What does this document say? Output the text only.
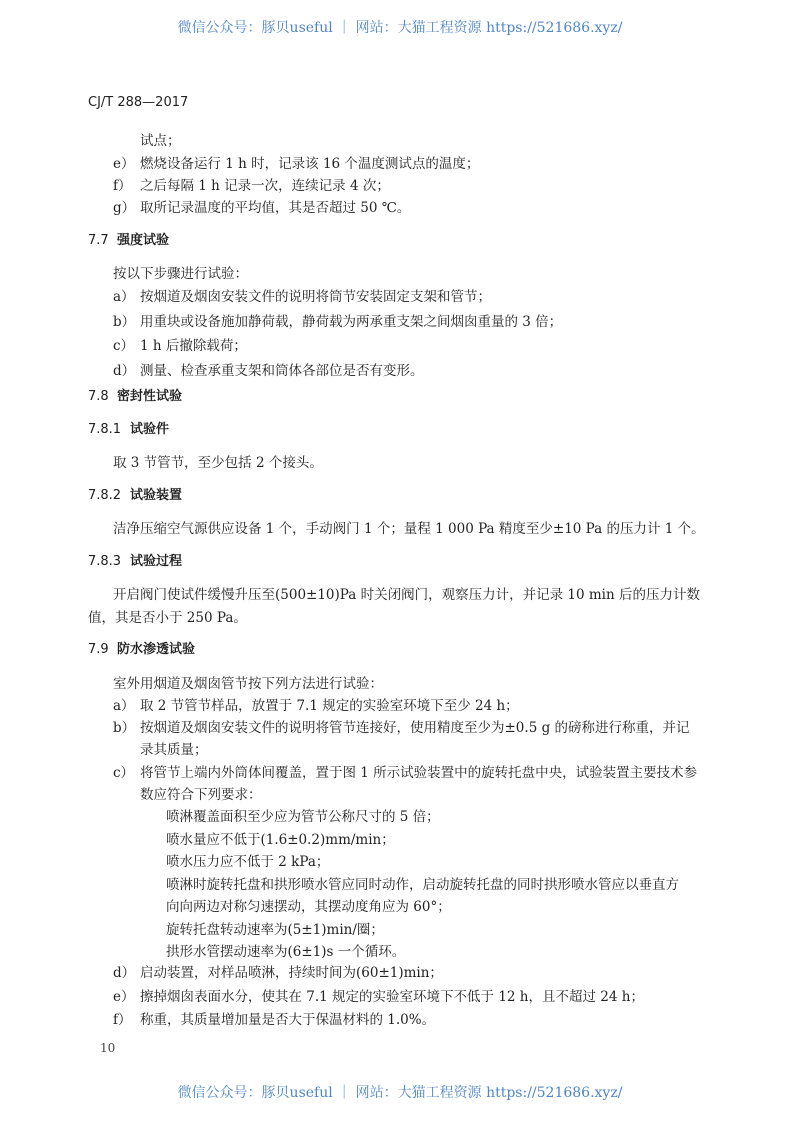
微信公众号：豚贝useful ｜ 网站：大猫工程资源 https://521686.xyz/
CJ/T 288—2017
试点；
e） 燃烧设备运行 1 h 时，记录该 16 个温度测试点的温度；
f） 之后每隔 1 h 记录一次，连续记录 4 次；
g） 取所记录温度的平均值，其是否超过 50 ℃。
7.7 强度试验
按以下步骤进行试验：
a） 按烟道及烟囱安装文件的说明将筒节安装固定支架和管节；
b） 用重块或设备施加静荷载，静荷载为两承重支架之间烟囱重量的 3 倍；
c） 1 h 后撤除载荷；
d） 测量、检查承重支架和筒体各部位是否有变形。
7.8 密封性试验
7.8.1 试验件
取 3 节管节，至少包括 2 个接头。
7.8.2 试验装置
洁净压缩空气源供应设备 1 个，手动阀门 1 个；量程 1 000 Pa 精度至少±10 Pa 的压力计 1 个。
7.8.3 试验过程
开启阀门使试件缓慢升压至(500±10)Pa 时关闭阀门，观察压力计，并记录 10 min 后的压力计数
值，其是否小于 250 Pa。
7.9 防水渗透试验
室外用烟道及烟囱管节按下列方法进行试验：
a） 取 2 节管节样品，放置于 7.1 规定的实验室环境下至少 24 h；
b） 按烟道及烟囱安装文件的说明将管节连接好，使用精度至少为±0.5 g 的磅称进行称重，并记
录其质量；
c） 将管节上端内外筒体间覆盖，置于图 1 所示试验装置中的旋转托盘中央，试验装置主要技术参
数应符合下列要求：
喷淋覆盖面积至少应为管节公称尺寸的 5 倍；
喷水量应不低于(1.6±0.2)mm/min；
喷水压力应不低于 2 kPa；
喷淋时旋转托盘和拱形喷水管应同时动作，启动旋转托盘的同时拱形喷水管应以垂直方
向向两边对称匀速摆动，其摆动度角应为 60°；
旋转托盘转动速率为(5±1)min/圈；
拱形水管摆动速率为(6±1)s 一个循环。
d） 启动装置，对样品喷淋，持续时间为(60±1)min；
e） 擦掉烟囱表面水分，使其在 7.1 规定的实验室环境下不低于 12 h，且不超过 24 h；
f） 称重，其质量增加量是否大于保温材料的 1.0%。
10
微信公众号：豚贝useful ｜ 网站：大猫工程资源 https://521686.xyz/
